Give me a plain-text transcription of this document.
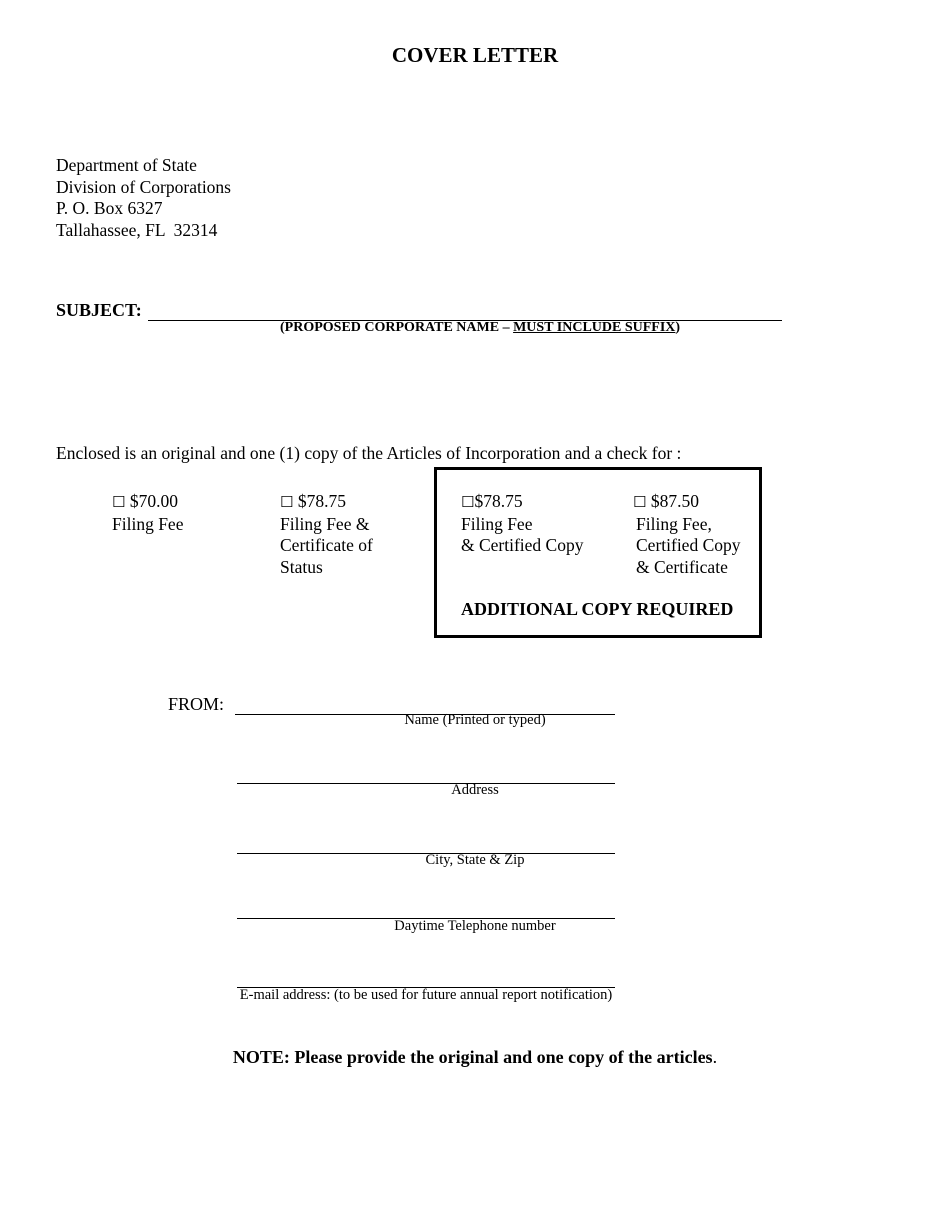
COVER LETTER
Department of State
Division of Corporations
P. O. Box 6327
Tallahassee, FL  32314
SUBJECT:
(PROPOSED CORPORATE NAME – MUST INCLUDE SUFFIX)
Enclosed is an original and one (1) copy of the Articles of Incorporation and a check for :
☐ $70.00
Filing Fee
☐ $78.75
Filing Fee &
Certificate of
Status
☐$78.75
Filing Fee
& Certified Copy
☐ $87.50
Filing Fee,
Certified Copy
& Certificate
ADDITIONAL COPY REQUIRED
FROM:
Name (Printed or typed)
Address
City, State & Zip
Daytime Telephone number
E-mail address: (to be used for future annual report notification)
NOTE: Please provide the original and one copy of the articles.
